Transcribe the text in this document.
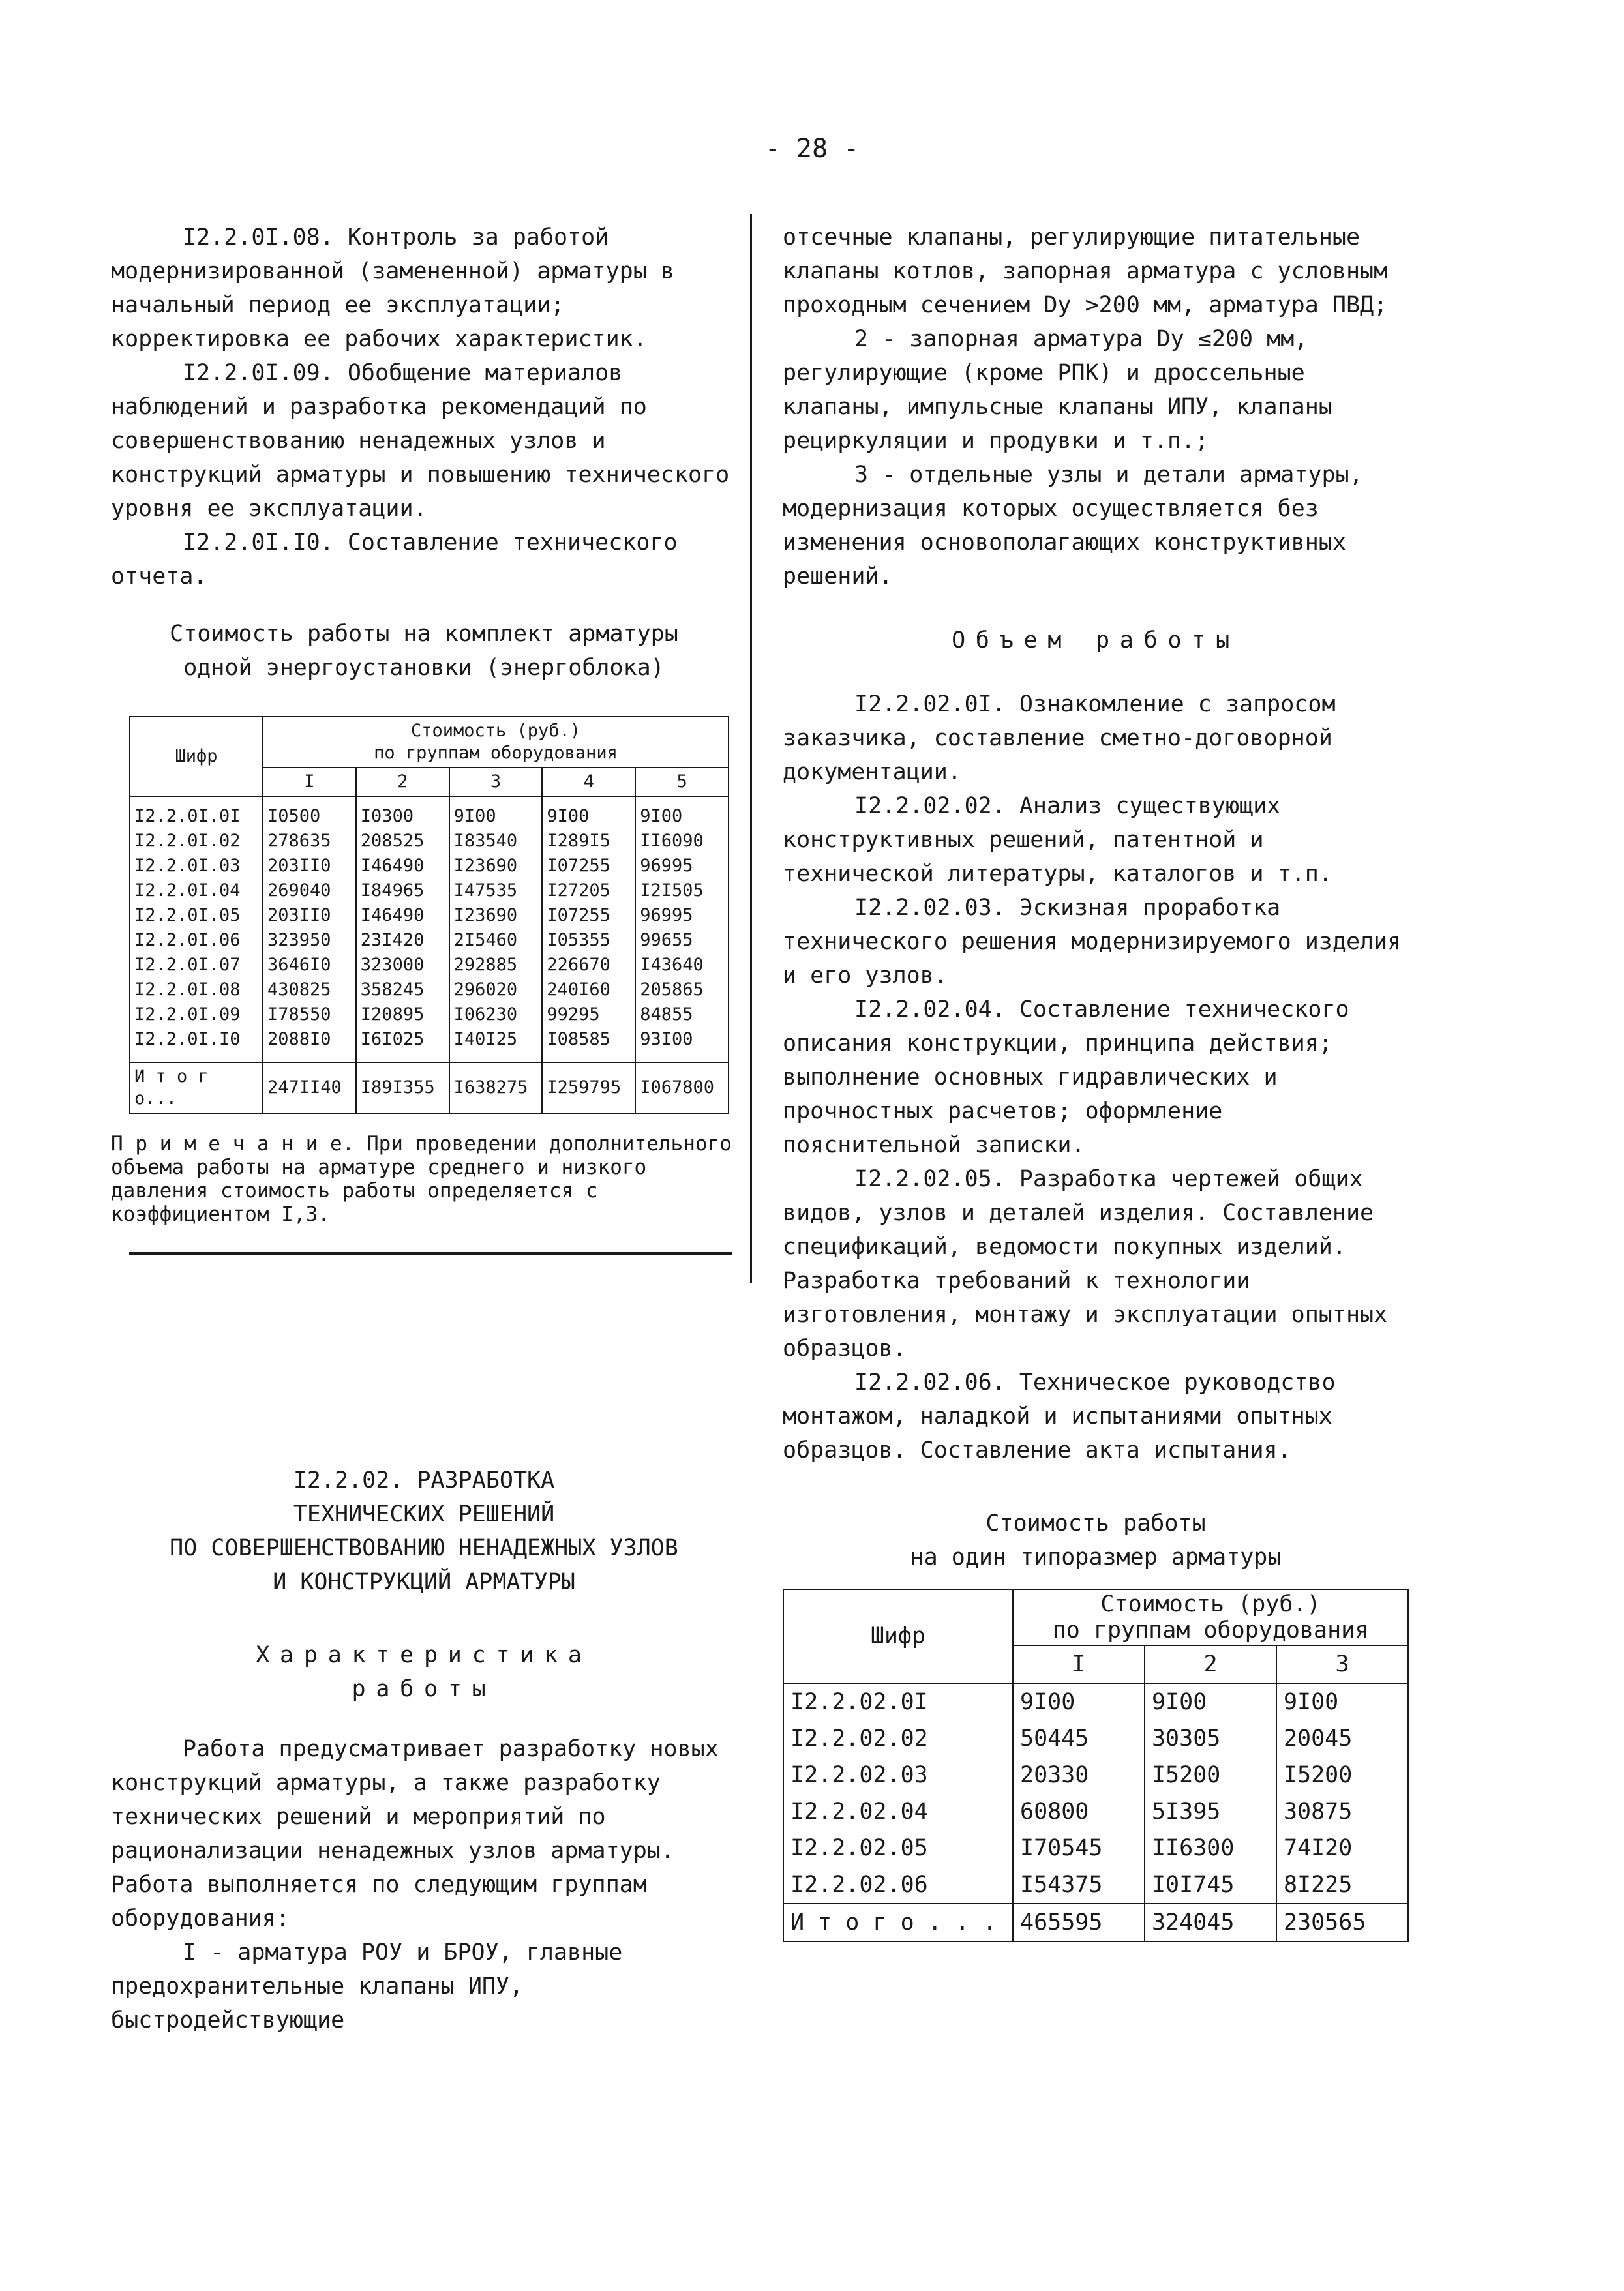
- 28 -

I2.2.0I.08. Контроль за работой модернизированной (замененной) арматуры в начальный период ее эксплуатации; корректировка ее рабочих характеристик.

I2.2.0I.09. Обобщение материалов наблюдений и разработка рекомендаций по совершенствованию ненадежных узлов и конструкций арматуры и повышению технического уровня ее эксплуатации.

I2.2.0I.I0. Составление технического отчета.

Стоимость работы на комплект арматуры

одной энергоустановки (энергоблока)

Шифр	Стоимость (руб.)
по группам оборудования				

	I	2	3	4	5

I2.2.0I.0I	I0500	I0300	9I00	9I00	9I00
I2.2.0I.02	278635	208525	I83540	I289I5	II6090
I2.2.0I.03	203II0	I46490	I23690	I07255	96995
I2.2.0I.04	269040	I84965	I47535	I27205	I2I505
I2.2.0I.05	203II0	I46490	I23690	I07255	96995
I2.2.0I.06	323950	23I420	2I5460	I05355	99655
I2.2.0I.07	3646I0	323000	292885	226670	I43640
I2.2.0I.08	430825	358245	296020	240I60	205865
I2.2.0I.09	I78550	I20895	I06230	99295	84855
I2.2.0I.I0	2088I0	I6I025	I40I25	I08585	93I00

И т о г о...	247II40	I89I355	I638275	I259795	I067800

П р и м е ч а н и е. При проведении дополнительного объема работы на арматуре среднего и низкого давления стоимость работы определяется с коэффициентом I,3.

I2.2.02. РАЗРАБОТКА

ТЕХНИЧЕСКИХ РЕШЕНИЙ

ПО СОВЕРШЕНСТВОВАНИЮ НЕНАДЕЖНЫХ УЗЛОВ

И КОНСТРУКЦИЙ АРМАТУРЫ

Характеристика

работы

Работа предусматривает разработку новых конструкций арматуры, а также разработку технических решений и мероприятий по рационализации ненадежных узлов арматуры. Работа выполняется по следующим группам оборудования:

I - арматура РОУ и БРОУ, главные предохранительные клапаны ИПУ, быстродействующие

отсечные клапаны, регулирующие питательные клапаны котлов, запорная арматура с условным проходным сечением Dу >200 мм, арматура ПВД;

2 - запорная арматура Dу ≤200 мм, регулирующие (кроме РПК) и дроссельные клапаны, импульсные клапаны ИПУ, клапаны рециркуляции и продувки и т.п.;

3 - отдельные узлы и детали арматуры, модернизация которых осуществляется без изменения основополагающих конструктивных решений.

Объем работы

I2.2.02.0I. Ознакомление с запросом заказчика, составление сметно-договорной документации.

I2.2.02.02. Анализ существующих конструктивных решений, патентной и технической литературы, каталогов и т.п.

I2.2.02.03. Эскизная проработка технического решения модернизируемого изделия и его узлов.

I2.2.02.04. Составление технического описания конструкции, принципа действия; выполнение основных гидравлических и прочностных расчетов; оформление пояснительной записки.

I2.2.02.05. Разработка чертежей общих видов, узлов и деталей изделия. Составление спецификаций, ведомости покупных изделий. Разработка требований к технологии изготовления, монтажу и эксплуатации опытных образцов.

I2.2.02.06. Техническое руководство монтажом, наладкой и испытаниями опытных образцов. Составление акта испытания.

Стоимость работы

на один типоразмер арматуры

Шифр	Стоимость (руб.)
по группам оборудования		

	I	2	3
I2.2.02.0I	9I00	9I00	9I00
I2.2.02.02	50445	30305	20045
I2.2.02.03	20330	I5200	I5200
I2.2.02.04	60800	5I395	30875
I2.2.02.05	I70545	II6300	74I20
I2.2.02.06	I54375	I0I745	8I225
И т о г о . . .	465595	324045	230565
